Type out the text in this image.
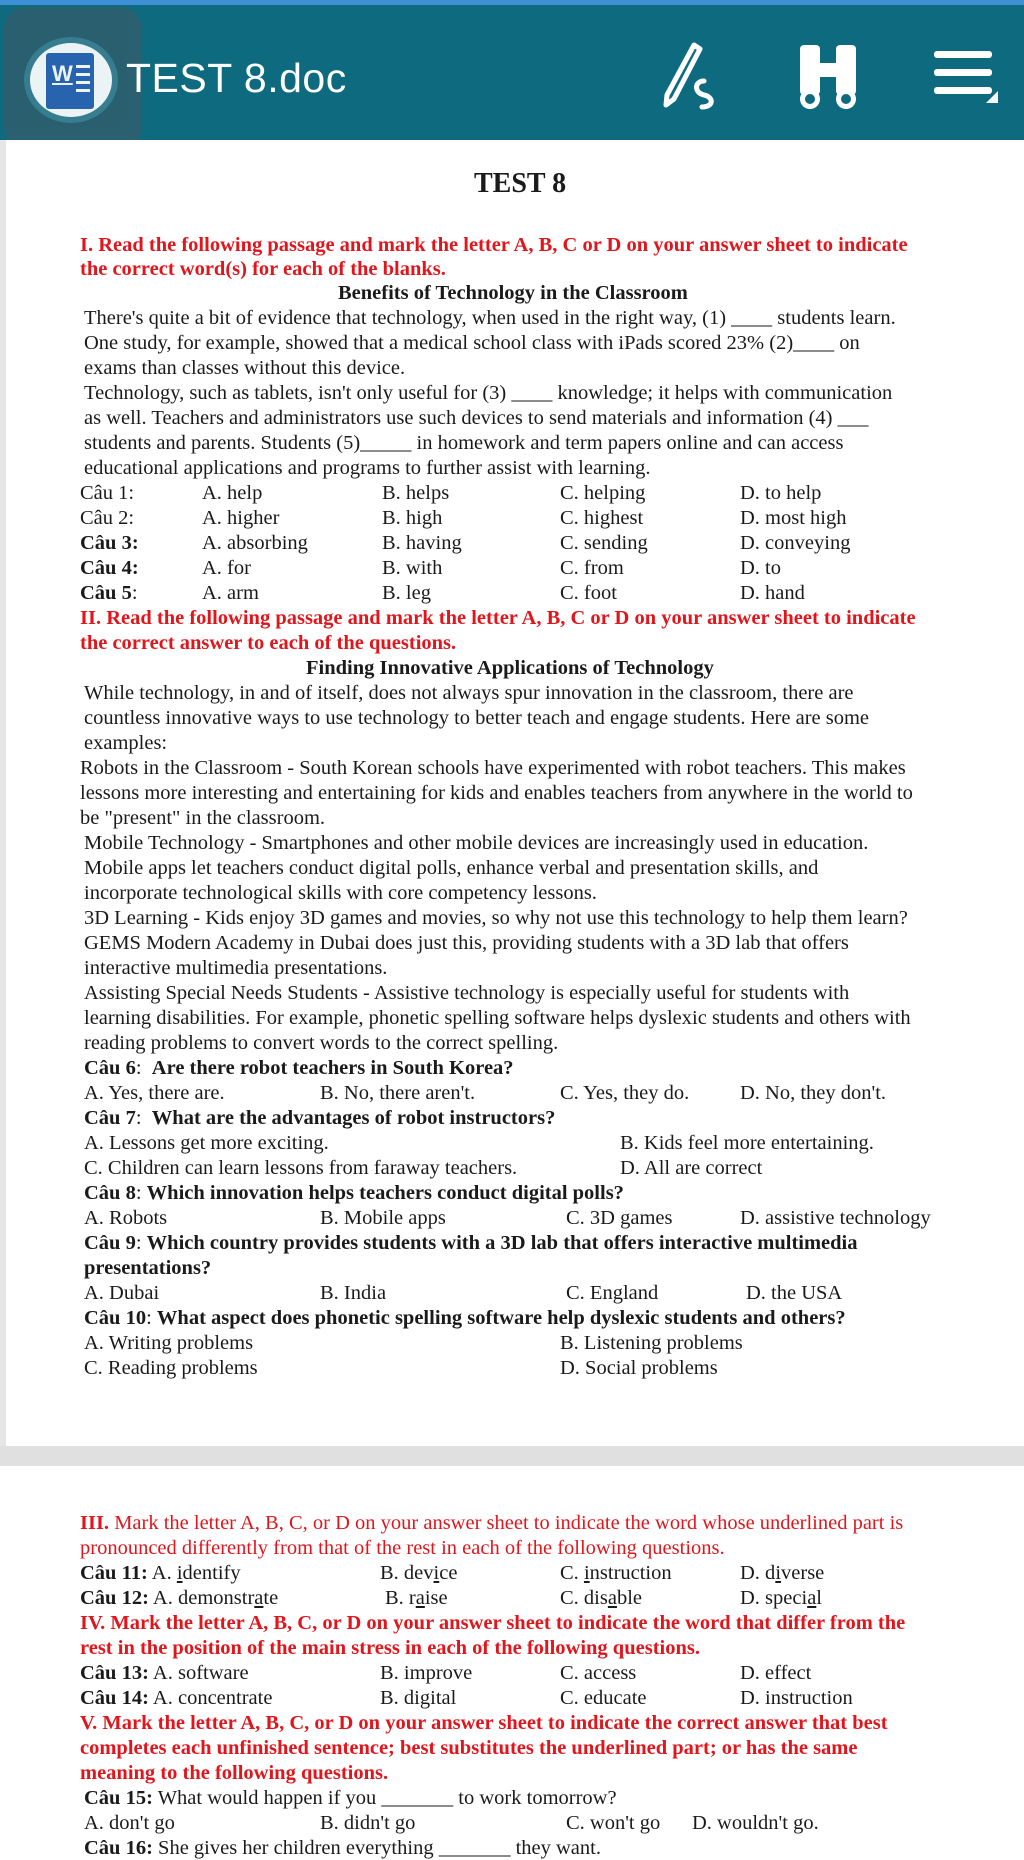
W TEST 8.doc
TEST 8
I. Read the following passage and mark the letter A, B, C or D on your answer sheet to indicate
the correct word(s) for each of the blanks.
Benefits of Technology in the Classroom
There's quite a bit of evidence that technology, when used in the right way, (1) ____ students learn.
One study, for example, showed that a medical school class with iPads scored 23% (2)____ on
exams than classes without this device.
Technology, such as tablets, isn't only useful for (3) ____ knowledge; it helps with communication
as well. Teachers and administrators use such devices to send materials and information (4) ___
students and parents. Students (5)_____ in homework and term papers online and can access
educational applications and programs to further assist with learning.
Câu 1:	A. help	B. helps	C. helping	D. to help
Câu 2:	A. higher	B. high	C. highest	D. most high
Câu 3:	A. absorbing	B. having	C. sending	D. conveying
Câu 4:	A. for	B. with	C. from	D. to
Câu 5:	A. arm	B. leg	C. foot	D. hand
II. Read the following passage and mark the letter A, B, C or D on your answer sheet to indicate
the correct answer to each of the questions.
Finding Innovative Applications of Technology
While technology, in and of itself, does not always spur innovation in the classroom, there are
countless innovative ways to use technology to better teach and engage students. Here are some
examples:
Robots in the Classroom - South Korean schools have experimented with robot teachers. This makes
lessons more interesting and entertaining for kids and enables teachers from anywhere in the world to
be "present" in the classroom.
Mobile Technology - Smartphones and other mobile devices are increasingly used in education.
Mobile apps let teachers conduct digital polls, enhance verbal and presentation skills, and
incorporate technological skills with core competency lessons.
3D Learning - Kids enjoy 3D games and movies, so why not use this technology to help them learn?
GEMS Modern Academy in Dubai does just this, providing students with a 3D lab that offers
interactive multimedia presentations.
Assisting Special Needs Students - Assistive technology is especially useful for students with
learning disabilities. For example, phonetic spelling software helps dyslexic students and others with
reading problems to convert words to the correct spelling.
Câu 6:  Are there robot teachers in South Korea?
A. Yes, there are.	B. No, there aren't.	C. Yes, they do. D. No, they don't.
Câu 7:  What are the advantages of robot instructors?
A. Lessons get more exciting.	B. Kids feel more entertaining.
C. Children can learn lessons from faraway teachers.	D. All are correct
Câu 8: Which innovation helps teachers conduct digital polls?
A. Robots	B. Mobile apps	C. 3D games	D. assistive technology
Câu 9: Which country provides students with a 3D lab that offers interactive multimedia
presentations?
A. Dubai	B. India	C. England	D. the USA
Câu 10: What aspect does phonetic spelling software help dyslexic students and others?
A. Writing problems	B. Listening problems
C. Reading problems	D. Social problems
III. Mark the letter A, B, C, or D on your answer sheet to indicate the word whose underlined part is
pronounced differently from that of the rest in each of the following questions.
Câu 11: A. identify	B. device	C. instruction	D. diverse
Câu 12: A. demonstrate	B. raise	C. disable	D. special
IV. Mark the letter A, B, C, or D on your answer sheet to indicate the word that differ from the
rest in the position of the main stress in each of the following questions.
Câu 13: A. software	B. improve	C. access	D. effect
Câu 14: A. concentrate	B. digital	C. educate	D. instruction
V. Mark the letter A, B, C, or D on your answer sheet to indicate the correct answer that best
completes each unfinished sentence; best substitutes the underlined part; or has the same
meaning to the following questions.
Câu 15: What would happen if you _______ to work tomorrow?
A. don't go	B. didn't go	C. won't go D. wouldn't go.
Câu 16: She gives her children everything _______ they want.
